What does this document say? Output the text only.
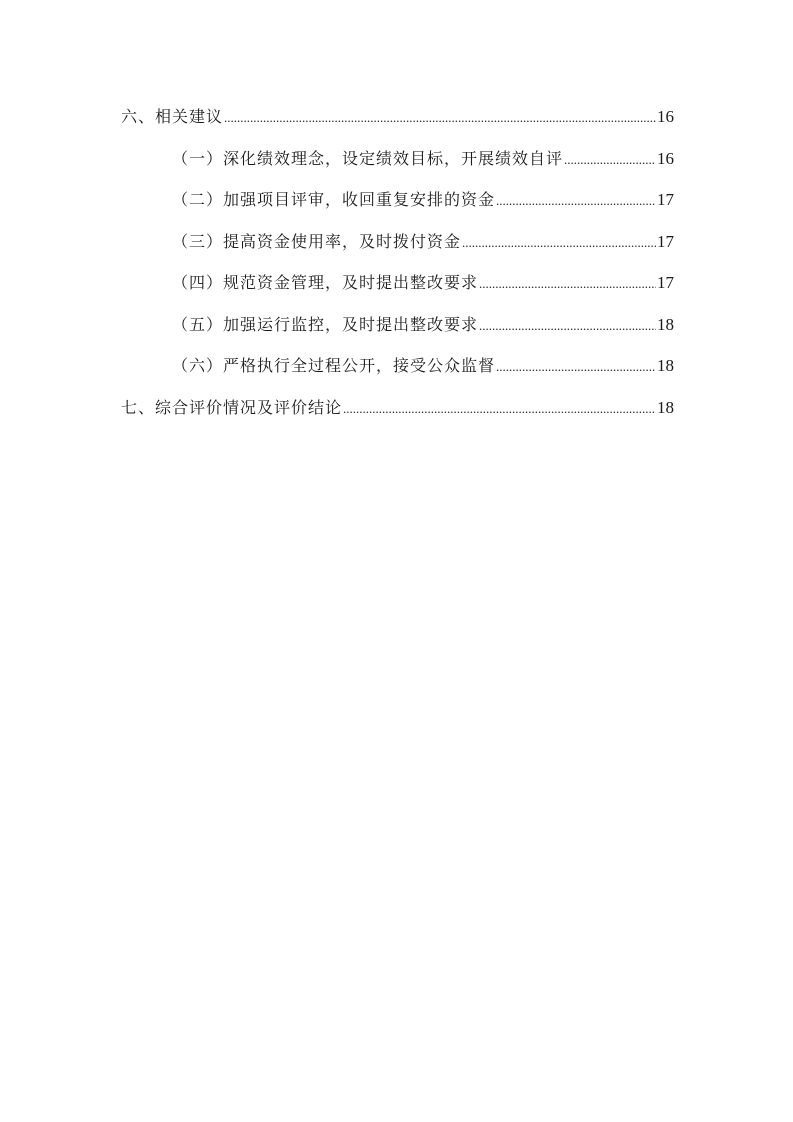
六、相关建议 .....	16
（一）深化绩效理念，设定绩效目标，开展绩效自评 .....	16
（二）加强项目评审，收回重复安排的资金 .....	17
（三）提高资金使用率，及时拨付资金 .....	17
（四）规范资金管理，及时提出整改要求 .....	17
（五）加强运行监控，及时提出整改要求 .....	18
（六）严格执行全过程公开，接受公众监督 .....	18
七、综合评价情况及评价结论 .....	18
